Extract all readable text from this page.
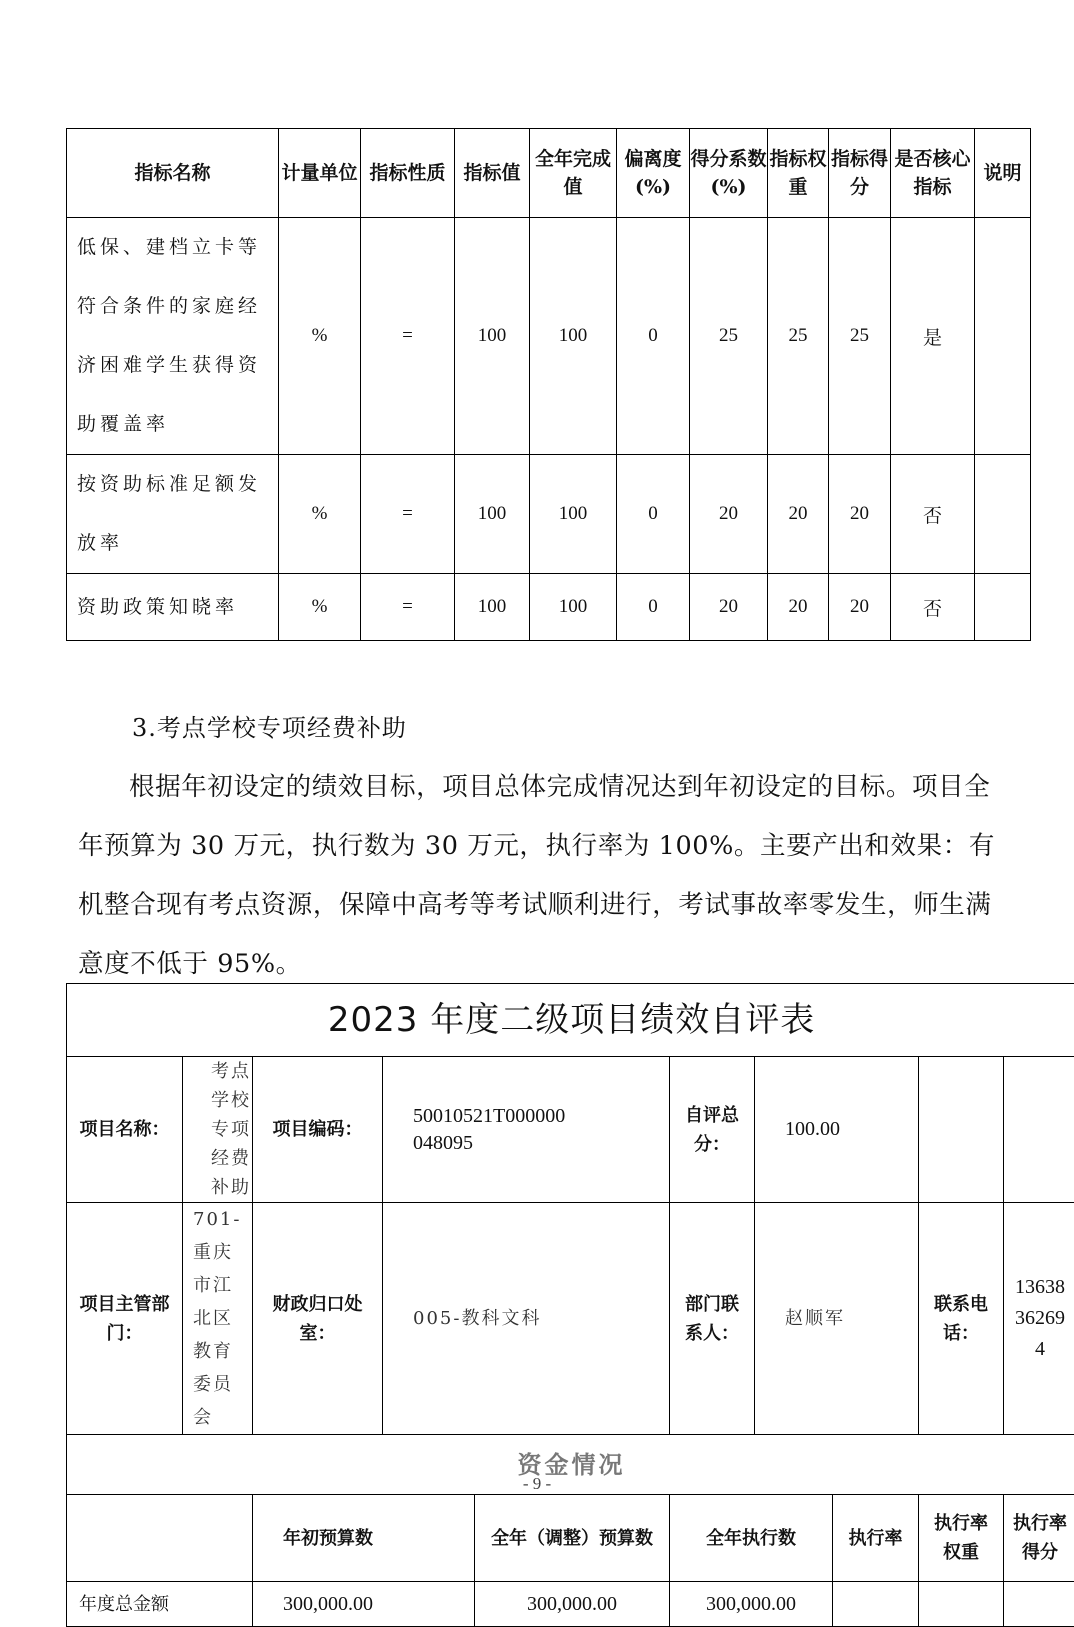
指标名称	计量单位	指标性质	指标值	全年完成值	偏离度(%)	得分系数(%)	指标权重	指标得分	是否核心指标	说明
低保、建档立卡等符合条件的家庭经济困难学生获得资助覆盖率	%	=	100	100	0	25	25	25	是	
按资助标准足额发放率	%	=	100	100	0	20	20	20	否	
资助政策知晓率	%	=	100	100	0	20	20	20	否	
3.考点学校专项经费补助

根据年初设定的绩效目标，项目总体完成情况达到年初设定的目标。项目全年预算为 30 万元，执行数为 30 万元，执行率为 100%。主要产出和效果：有机整合现有考点资源，保障中高考等考试顺利进行，考试事故率零发生，师生满意度不低于 95%。

2023 年度二级项目绩效自评表									
项目名称：	考点学校专项经费补助	项目编码：	50010521T000000048095		自评总分：	100.00			
项目主管部门：	701-重庆市江北区教育委员会	财政归口处室：	005-教科文科		部门联系人：	赵顺军		联系电话：	13638362694

资金情况									
		年初预算数		全年（调整）预算数	全年执行数		执行率	执行率权重	执行率得分
年度总金额		300,000.00		300,000.00	300,000.00				
- 9 -
